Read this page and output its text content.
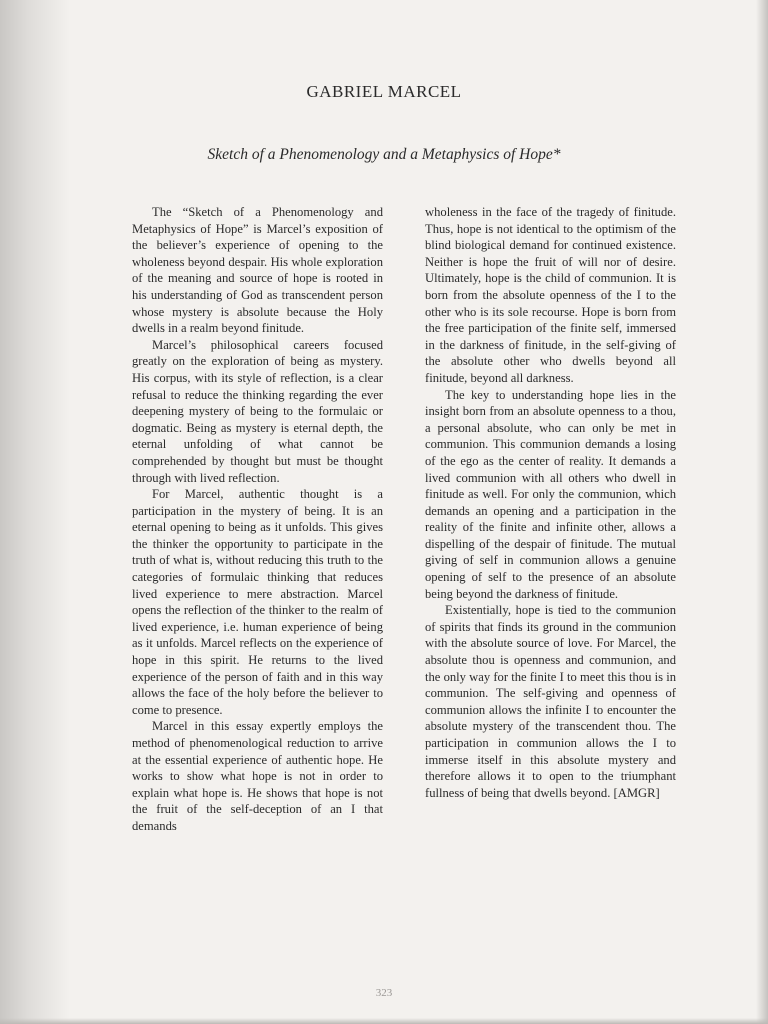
GABRIEL MARCEL
Sketch of a Phenomenology and a Metaphysics of Hope*

The “Sketch of a Phenomenology and Metaphysics of Hope” is Marcel’s exposition of the believer’s experience of opening to the wholeness beyond despair. His whole exploration of the meaning and source of hope is rooted in his understanding of God as transcendent person whose mystery is absolute because the Holy dwells in a realm beyond finitude.

Marcel’s philosophical careers focused greatly on the exploration of being as mystery. His corpus, with its style of reflection, is a clear refusal to reduce the thinking regarding the ever deepening mystery of being to the formulaic or dogmatic. Being as mystery is eternal depth, the eternal unfolding of what cannot be comprehended by thought but must be thought through with lived reflection.

For Marcel, authentic thought is a participation in the mystery of being. It is an eternal opening to being as it unfolds. This gives the thinker the opportunity to participate in the truth of what is, without reducing this truth to the categories of formulaic thinking that reduces lived experience to mere abstraction. Marcel opens the reflection of the thinker to the realm of lived experience, i.e. human experience of being as it unfolds. Marcel reflects on the experience of hope in this spirit. He returns to the lived experience of the person of faith and in this way allows the face of the holy before the believer to come to presence.

Marcel in this essay expertly employs the method of phenomenological reduction to arrive at the essential experience of authentic hope. He works to show what hope is not in order to explain what hope is. He shows that hope is not the fruit of the self-deception of an I that demands

wholeness in the face of the tragedy of finitude. Thus, hope is not identical to the optimism of the blind biological demand for continued existence. Neither is hope the fruit of will nor of desire. Ultimately, hope is the child of communion. It is born from the absolute openness of the I to the other who is its sole recourse. Hope is born from the free participation of the finite self, immersed in the darkness of finitude, in the self-giving of the absolute other who dwells beyond all finitude, beyond all darkness.

The key to understanding hope lies in the insight born from an absolute openness to a thou, a personal absolute, who can only be met in communion. This communion demands a losing of the ego as the center of reality. It demands a lived communion with all others who dwell in finitude as well. For only the communion, which demands an opening and a participation in the reality of the finite and infinite other, allows a dispelling of the despair of finitude. The mutual giving of self in communion allows a genuine opening of self to the presence of an absolute being beyond the darkness of finitude.

Existentially, hope is tied to the communion of spirits that finds its ground in the communion with the absolute source of love. For Marcel, the absolute thou is openness and communion, and the only way for the finite I to meet this thou is in communion. The self-giving and openness of communion allows the infinite I to encounter the absolute mystery of the transcendent thou. The participation in communion allows the I to immerse itself in this absolute mystery and therefore allows it to open to the triumphant fullness of being that dwells beyond. [AMGR]

323
